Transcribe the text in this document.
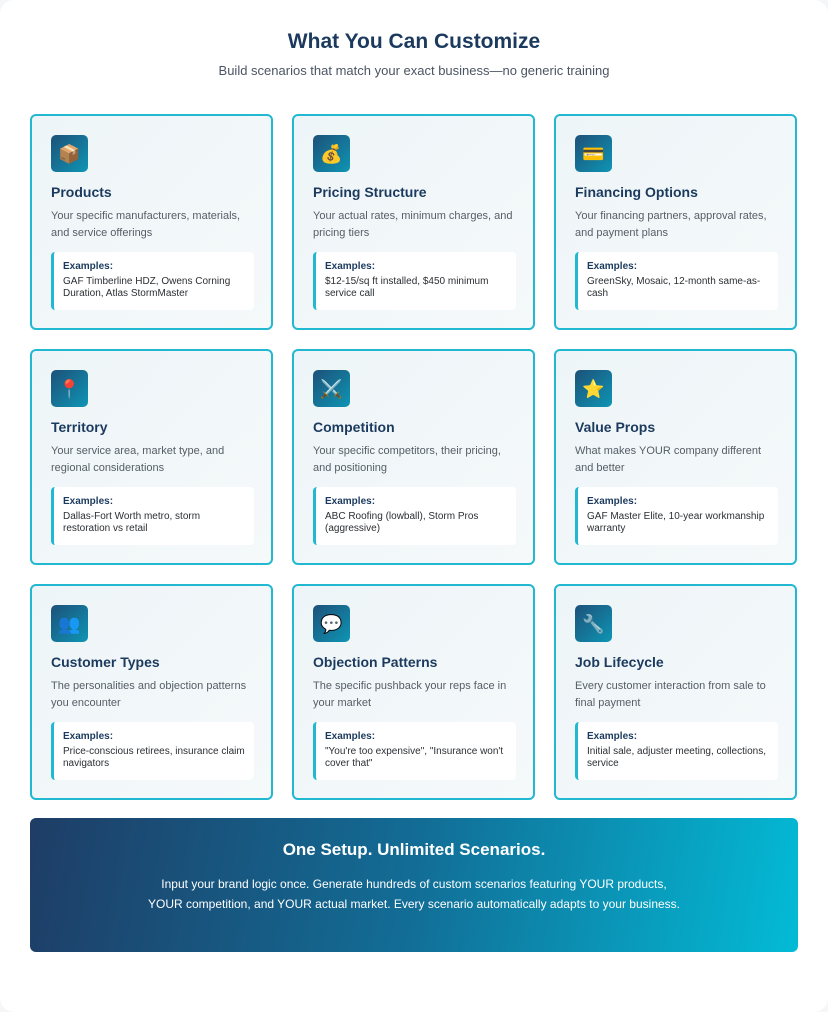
What You Can Customize

Build scenarios that match your exact business—no generic training

📦
Products
Your specific manufacturers, materials, and service offerings
Examples:
GAF Timberline HDZ, Owens Corning Duration, Atlas StormMaster
💰
Pricing Structure
Your actual rates, minimum charges, and pricing tiers
Examples:
$12-15/sq ft installed, $450 minimum service call
💳
Financing Options
Your financing partners, approval rates, and payment plans
Examples:
GreenSky, Mosaic, 12-month same-as-cash
📍
Territory
Your service area, market type, and regional considerations
Examples:
Dallas-Fort Worth metro, storm restoration vs retail
⚔️
Competition
Your specific competitors, their pricing, and positioning
Examples:
ABC Roofing (lowball), Storm Pros (aggressive)
⭐
Value Props
What makes YOUR company different and better
Examples:
GAF Master Elite, 10-year workmanship warranty
👥
Customer Types
The personalities and objection patterns you encounter
Examples:
Price-conscious retirees, insurance claim navigators
💬
Objection Patterns
The specific pushback your reps face in your market
Examples:
"You're too expensive", "Insurance won't cover that"
🔧
Job Lifecycle
Every customer interaction from sale to final payment
Examples:
Initial sale, adjuster meeting, collections, service
One Setup. Unlimited Scenarios.

Input your brand logic once. Generate hundreds of custom scenarios featuring YOUR products, YOUR competition, and YOUR actual market. Every scenario automatically adapts to your business.
